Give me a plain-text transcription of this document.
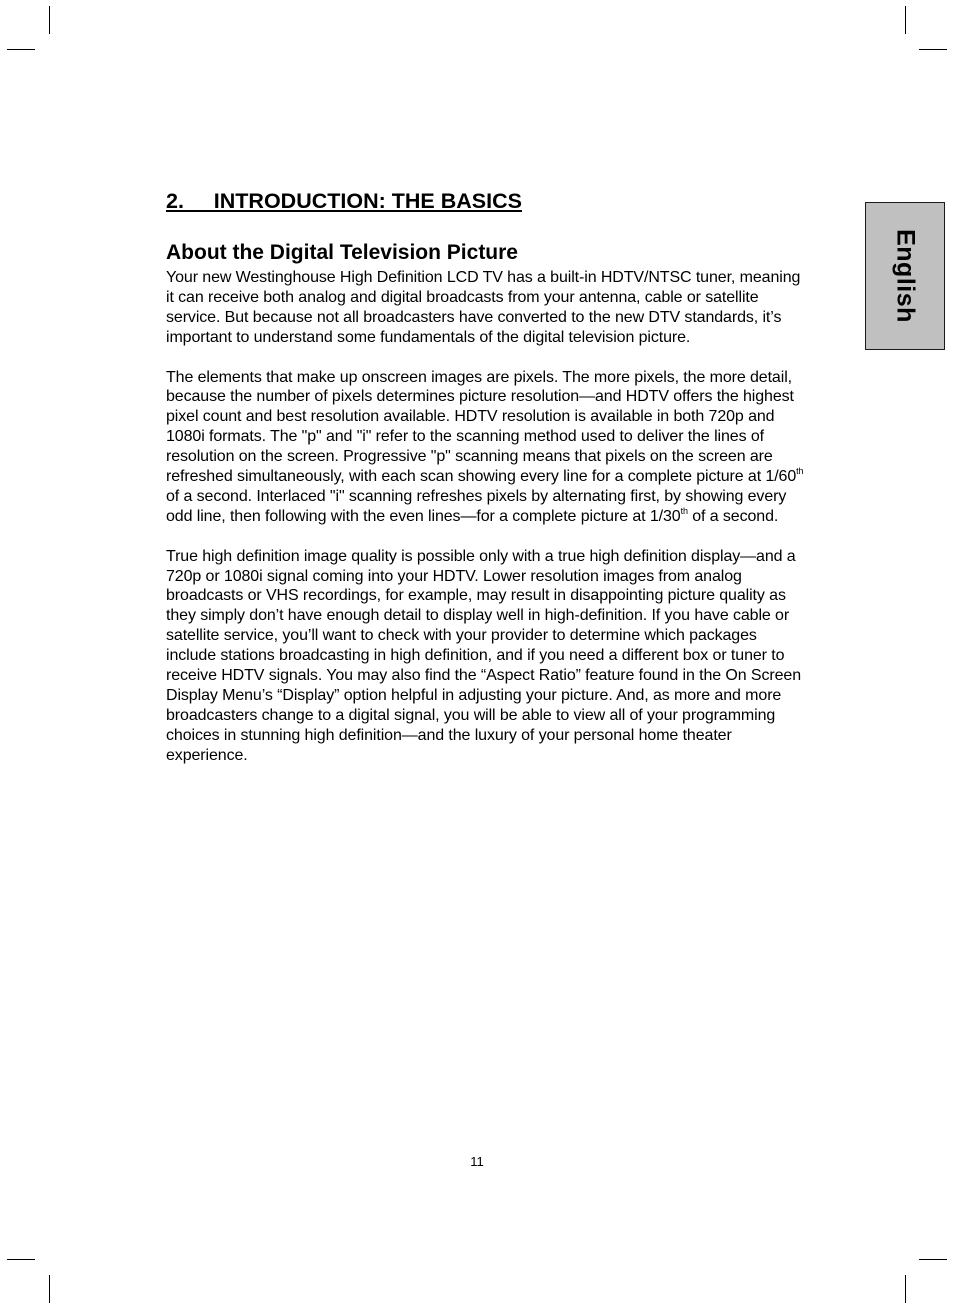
English
2.     INTRODUCTION: THE BASICS
About the Digital Television Picture

Your new Westinghouse High Definition LCD TV has a built-in HDTV/NTSC tuner, meaning it can receive both analog and digital broadcasts from your antenna, cable or satellite service. But because not all broadcasters have converted to the new DTV standards, it’s important to understand some fundamentals of the digital television picture.

The elements that make up onscreen images are pixels. The more pixels, the more detail, because the number of pixels determines picture resolution—and HDTV offers the highest pixel count and best resolution available. HDTV resolution is available in both 720p and 1080i formats. The "p" and "i" refer to the scanning method used to deliver the lines of resolution on the screen. Progressive "p" scanning means that pixels on the screen are refreshed simultaneously, with each scan showing every line for a complete picture at 1/60th of a second. Interlaced "i" scanning refreshes pixels by alternating first, by showing every odd line, then following with the even lines—for a complete picture at 1/30th of a second.

True high definition image quality is possible only with a true high definition display—and a 720p or 1080i signal coming into your HDTV. Lower resolution images from analog broadcasts or VHS recordings, for example, may result in disappointing picture quality as they simply don’t have enough detail to display well in high-definition. If you have cable or satellite service, you’ll want to check with your provider to determine which packages include stations broadcasting in high definition, and if you need a different box or tuner to receive HDTV signals. You may also find the “Aspect Ratio” feature found in the On Screen Display Menu’s “Display” option helpful in adjusting your picture. And, as more and more broadcasters change to a digital signal, you will be able to view all of your programming choices in stunning high definition—and the luxury of your personal home theater experience.

11
